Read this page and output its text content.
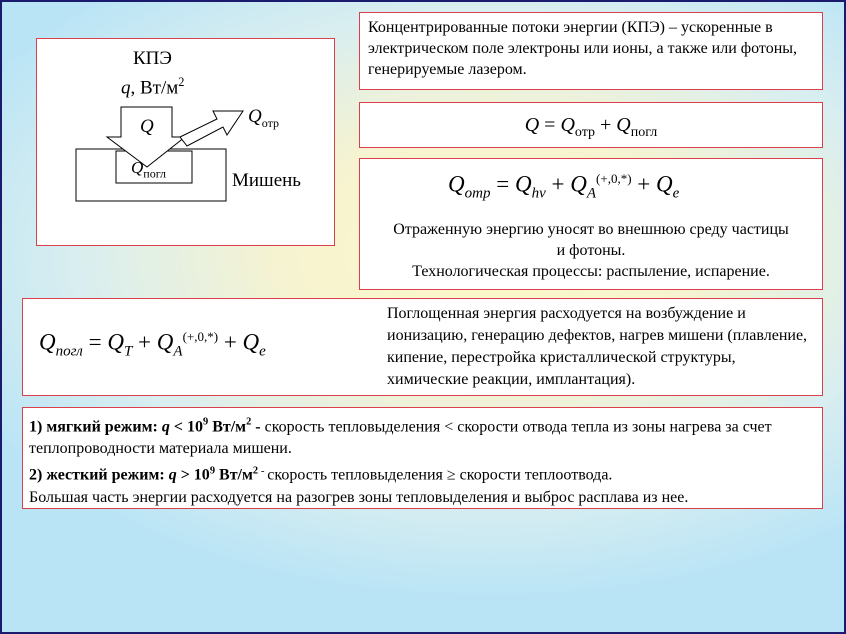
КПЭ
q, $Вт/м^2$
Q	$Q_{отр}$
$Q_{погл}$	Мишень
Концентрированные потоки энергии (КПЭ) – ускоренные в электрическом поле электроны или ионы, а также или фотоны, генерируемые лазером.
$Q = Q_{отр} + Q_{погл}$
$Q_{отр} = Q_{h\nu} + Q_A^{(+,0,*)} + Q_e$
Отраженную энергию уносят во внешнюю среду частицы и фотоны.
Технологическая процессы: распыление, испарение.
$Q_{погл} = Q_T + Q_A^{(+,0,*)} + Q_e$
Поглощенная энергия расходуется на возбуждение и ионизацию, генерацию дефектов, нагрев мишени (плавление, кипение, перестройка кристаллической структуры, химические реакции, имплантация).
1) мягкий режим: $q < 10^9$ $Вт/м^2$ - скорость тепловыделения < скорости отвода тепла из зоны нагрева за счет теплопроводности материала мишени.
2) жесткий режим: $q > 10^9$ $Вт/м^2$ - скорость тепловыделения ≥ скорости теплоотвода.
Большая часть энергии расходуется на разогрев зоны тепловыделения и выброс расплава из нее.
